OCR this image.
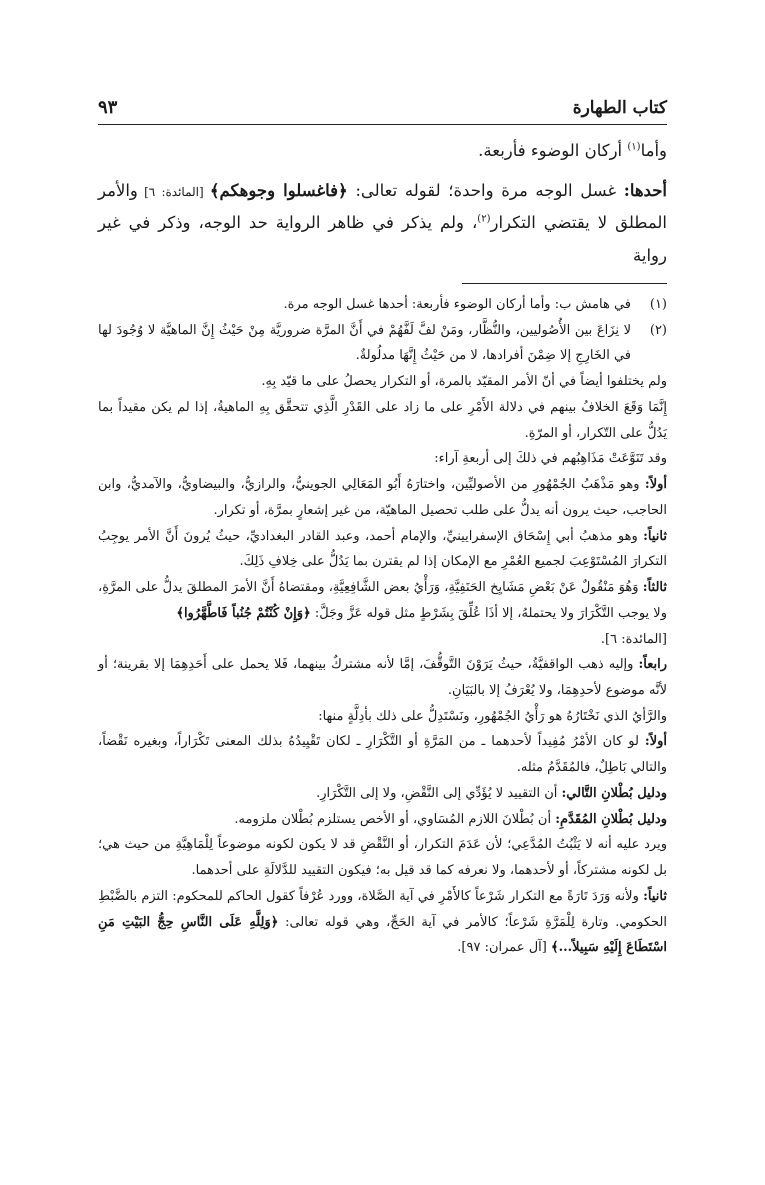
كتاب الطهارة
٩٣

وأما$^{(١)}$ أركان الوضوء فأربعة.

أحدها: غسل الوجه مرة واحدة؛ لقوله تعالى: ﴿فاغسلوا وجوهكم﴾ [المائدة: ٦] والأمر المطلق لا يقتضي التكرار$^{(٢)}$، ولم يذكر في ظاهر الرواية حد الوجه، وذكر في غير رواية

(١)
في هامش ب: وأما أركان الوضوء فأربعة: أحدها غسل الوجه مرة.
(٢)

لا نِزَاعَ بين الأُصُوليين، والنُّظَّار، ومَنْ لفَّ لَفَّهُمْ في أَنَّ المرَّة ضروريَّة مِنْ حَيْثُ إِنَّ الماهيَّة لا وُجُودَ لها في الخَارِجِ إلا ضِمْنَ أفرادها، لا من حَيْثُ إِنَّهَا مدلُولةٌ.

ولم يختلفوا أيضاً في أنّ الأمر المقيّد بالمرة، أو التكرار يحصلُ على ما قيّد بِهِ.

إِنَّمَا وَقَعَ الخلافُ بينهم في دلالة الأَمْرِ على ما زاد على القَدْرِ الَّذِي تتحقَّق بِهِ الماهيةُ، إذا لم يكن مقيداً بما يَدُلُّ على التّكرار، أو المرّةِ.

وقد تَنَوَّعَتْ مَذَاهِبُهم في ذلكَ إلى أربعةِ آراء:

أولاً: وهو مَذْهَبُ الجُمْهُورِ من الأصوليِّين، واختارَهُ أَبُو المَعَالِي الجوينيُّ، والرازيُّ، والبيضاويُّ، والآمديُّ، وابن الحاجب، حيث يرون أنه يدلُّ على طلب تحصيل الماهيّة، من غير إشعارٍ بمرَّة، أو تكرار.

ثانياً: وهو مذهبُ أبي إِسْحَاق الإسفرايينيِّ، والإمام أحمد، وعبد القادر البغداديِّ، حيثُ يُرونَ أَنَّ الأمر يوجِبُ التكرارَ المُسْتَوْعِبَ لجميع العُمْرِ مع الإمكان إذا لم يقترن بما يَدُلُّ على خِلافِ ذَلِكَ.

ثالثاً: وَهُوَ مَنْقُولٌ عَنْ بَعْضِ مَشَايِخ الحَنَفِيَّةِ، وَرَأْيُ بعض الشَّافِعِيَّةِ، ومقتضاهُ أَنَّ الأمرَ المطلقَ يدلُّ على المرَّةِ، ولا يوجب التَّكْرَارَ ولا يحتملهُ، إلا أذَا عُلِّقَ بِشَرْطٍ مثل قوله عَزَّ وجَلَّ: ﴿وَإِنْ كُنْتُمْ جُنُباً فَاطَّهَّرُوا﴾
[المائدة: ٦].

رابعاً: وإليه ذهب الواقفيَّةُ، حيثُ يَرَوْنَ التَّوقُّفَ، إمَّا لأنه مشتركٌ بينهما، فَلا يحمل على أَحَدِهِمَا إلا بقرينة؛ أو لأنَّه موضوع لأحدِهِمَا، ولا يُعْرَفُ إلا بالبَيَانِ.

والرَّأيُ الذي نَخْتَارُهُ هو رَأْيُ الجُمْهُورِ، ونَسْتَدِلُّ على ذلك بأدِلَّةٍ منها:

أولاً: لو كان الأمْرُ مُفِيداً لأحدهما ـ من المَرَّةِ أو التَّكْرَارِ ـ لكان تَقْيِيدُهُ بذلك المعنى تَكْرَاراً، وبغيره نَقْضاً، والتالي بَاطِلٌ، فالمُقَدَّمُ مثله.

ودليل بُطْلانِ التَّالي: أن التقييد لا يُؤَدِّي إلى النَّقْضِ، ولا إلى التَّكْرَارِ.

ودليل بُطْلانِ المُقَدَّمِ: أن بُطْلانَ اللازم المُسَاوي، أو الأخص يستلزم بُطْلان ملزومه.

ويرد عليه أنه لا يَثْبُتُ المُدَّعِي؛ لأن عَدَمَ التكرار، أو النَّقْضِ قد لا يكون لكونه موضوعاً لِلْمَاهِيَّةِ من حيث هي؛ بل لكونه مشتركاً، أو لأحدهما، ولا نعرفه كما قد قيل به؛ فيكون التقييد للدَّلالَةِ على أحدهما.

ثانياً: ولأنه وَرَدَ تَارَةً مع التكرار شَرْعاً كالأَمْرِ في آية الصَّلاة، وورد عُرْفاً كقول الحاكم للمحكوم: التزم بالضَّبْطِ الحكومي. وتارة لِلْمَرَّةِ شَرْعاً؛ كالأمر في آية الحَجِّ، وهي قوله تعالى: ﴿وَلِلَّهِ عَلَى النَّاسِ حِجُّ البَيْتِ مَنِ اسْتَطَاعَ إِلَيْهِ سَبِيلاً...﴾ [آل عمران: ٩٧].
